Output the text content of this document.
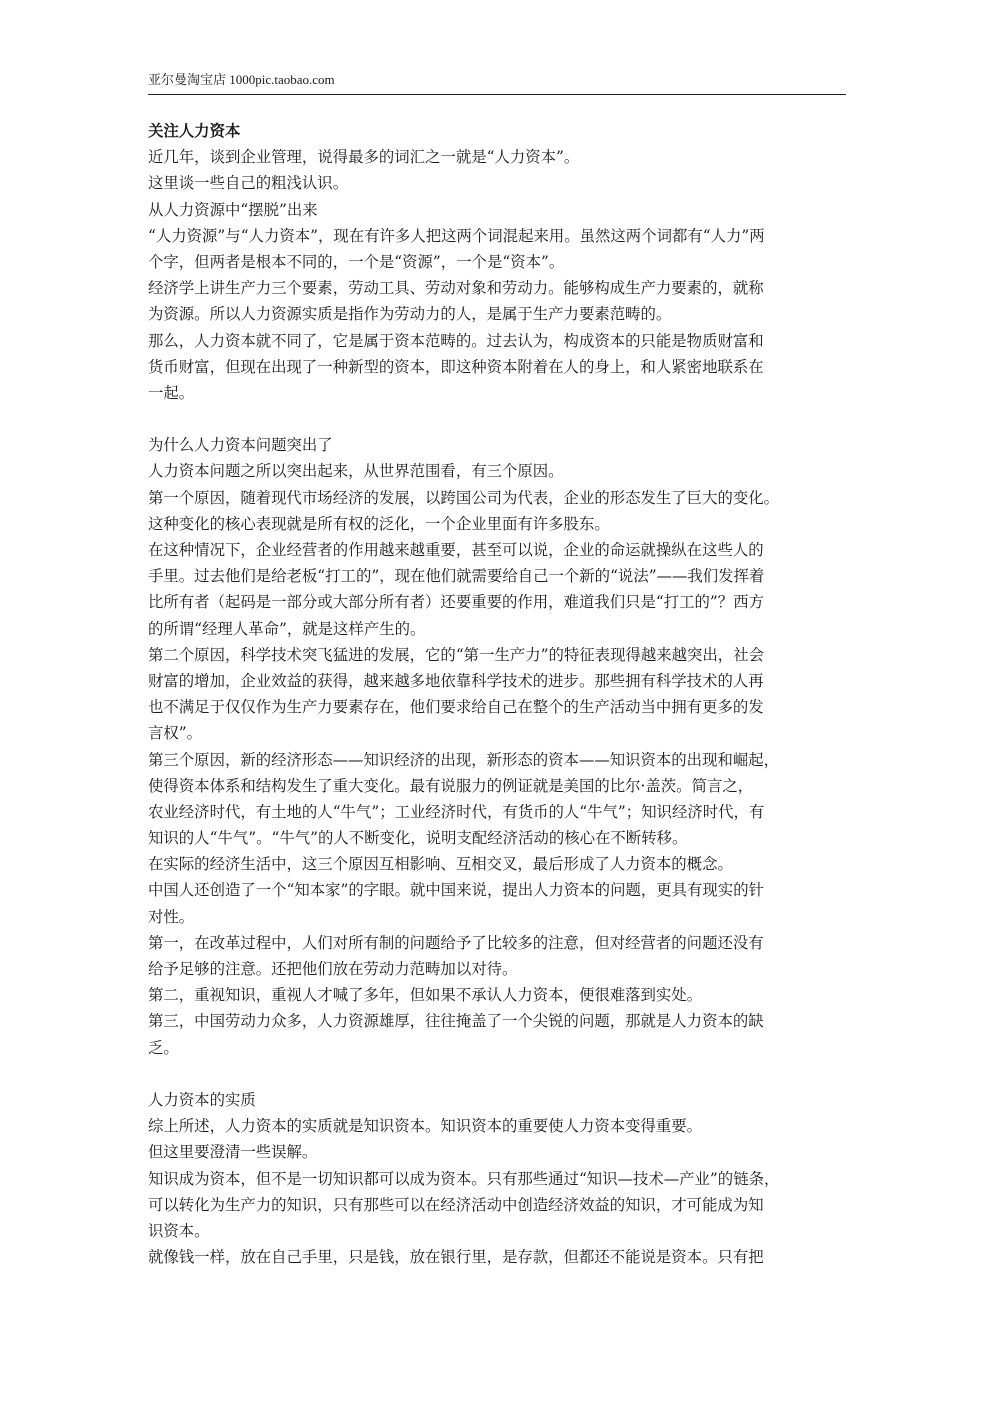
亚尔曼淘宝店 1000pic.taobao.com
关注人力资本
近几年，谈到企业管理，说得最多的词汇之一就是“人力资本”。
这里谈一些自己的粗浅认识。
从人力资源中“摆脱”出来
“人力资源”与“人力资本”，现在有许多人把这两个词混起来用。虽然这两个词都有“人力”两
个字，但两者是根本不同的，一个是“资源”，一个是“资本”。
经济学上讲生产力三个要素，劳动工具、劳动对象和劳动力。能够构成生产力要素的，就称
为资源。所以人力资源实质是指作为劳动力的人，是属于生产力要素范畴的。
那么，人力资本就不同了，它是属于资本范畴的。过去认为，构成资本的只能是物质财富和
货币财富，但现在出现了一种新型的资本，即这种资本附着在人的身上，和人紧密地联系在
一起。
为什么人力资本问题突出了
人力资本问题之所以突出起来，从世界范围看，有三个原因。
第一个原因，随着现代市场经济的发展，以跨国公司为代表，企业的形态发生了巨大的变化。
这种变化的核心表现就是所有权的泛化，一个企业里面有许多股东。
在这种情况下，企业经营者的作用越来越重要，甚至可以说，企业的命运就操纵在这些人的
手里。过去他们是给老板“打工的”，现在他们就需要给自己一个新的“说法”——我们发挥着
比所有者（起码是一部分或大部分所有者）还要重要的作用，难道我们只是“打工的”？西方
的所谓“经理人革命”，就是这样产生的。
第二个原因，科学技术突飞猛进的发展，它的“第一生产力”的特征表现得越来越突出，社会
财富的增加，企业效益的获得，越来越多地依靠科学技术的进步。那些拥有科学技术的人再
也不满足于仅仅作为生产力要素存在，他们要求给自己在整个的生产活动当中拥有更多的发
言权”。
第三个原因，新的经济形态——知识经济的出现，新形态的资本——知识资本的出现和崛起，
使得资本体系和结构发生了重大变化。最有说服力的例证就是美国的比尔·盖茨。简言之，
农业经济时代，有土地的人“牛气”；工业经济时代，有货币的人“牛气”；知识经济时代，有
知识的人“牛气”。“牛气”的人不断变化，说明支配经济活动的核心在不断转移。
在实际的经济生活中，这三个原因互相影响、互相交叉，最后形成了人力资本的概念。
中国人还创造了一个“知本家”的字眼。就中国来说，提出人力资本的问题，更具有现实的针
对性。
第一，在改革过程中，人们对所有制的问题给予了比较多的注意，但对经营者的问题还没有
给予足够的注意。还把他们放在劳动力范畴加以对待。
第二，重视知识，重视人才喊了多年，但如果不承认人力资本，便很难落到实处。
第三，中国劳动力众多，人力资源雄厚，往往掩盖了一个尖锐的问题，那就是人力资本的缺
乏。
人力资本的实质
综上所述，人力资本的实质就是知识资本。知识资本的重要使人力资本变得重要。
但这里要澄清一些误解。
知识成为资本，但不是一切知识都可以成为资本。只有那些通过“知识—技术—产业”的链条，
可以转化为生产力的知识，只有那些可以在经济活动中创造经济效益的知识，才可能成为知
识资本。
就像钱一样，放在自己手里，只是钱，放在银行里，是存款，但都还不能说是资本。只有把
